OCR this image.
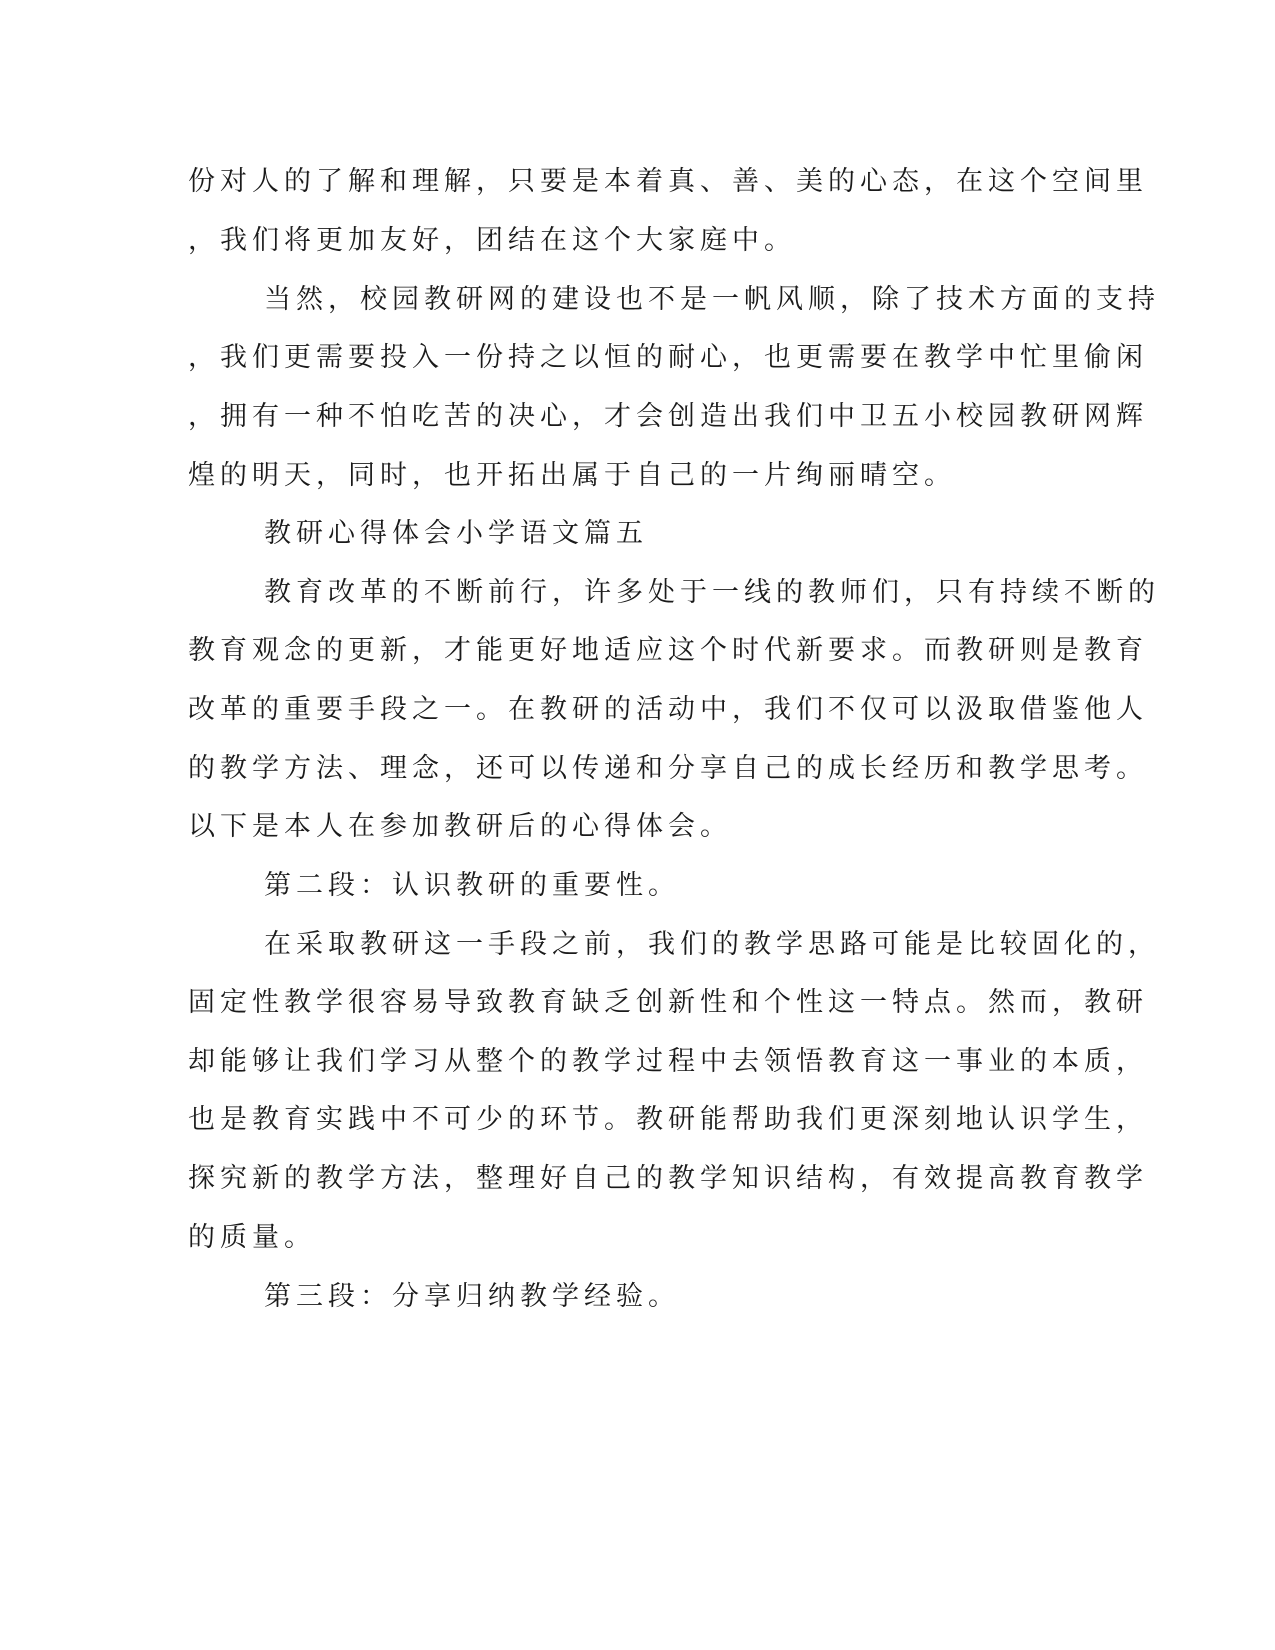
份对人的了解和理解，只要是本着真、善、美的心态，在这个空间里

，我们将更加友好，团结在这个大家庭中。

当然，校园教研网的建设也不是一帆风顺，除了技术方面的支持

，我们更需要投入一份持之以恒的耐心，也更需要在教学中忙里偷闲

，拥有一种不怕吃苦的决心，才会创造出我们中卫五小校园教研网辉

煌的明天，同时，也开拓出属于自己的一片绚丽晴空。

教研心得体会小学语文篇五

教育改革的不断前行，许多处于一线的教师们，只有持续不断的

教育观念的更新，才能更好地适应这个时代新要求。而教研则是教育

改革的重要手段之一。在教研的活动中，我们不仅可以汲取借鉴他人

的教学方法、理念，还可以传递和分享自己的成长经历和教学思考。

以下是本人在参加教研后的心得体会。

第二段：认识教研的重要性。

在采取教研这一手段之前，我们的教学思路可能是比较固化的，

固定性教学很容易导致教育缺乏创新性和个性这一特点。然而，教研

却能够让我们学习从整个的教学过程中去领悟教育这一事业的本质，

也是教育实践中不可少的环节。教研能帮助我们更深刻地认识学生，

探究新的教学方法，整理好自己的教学知识结构，有效提高教育教学

的质量。

第三段：分享归纳教学经验。
